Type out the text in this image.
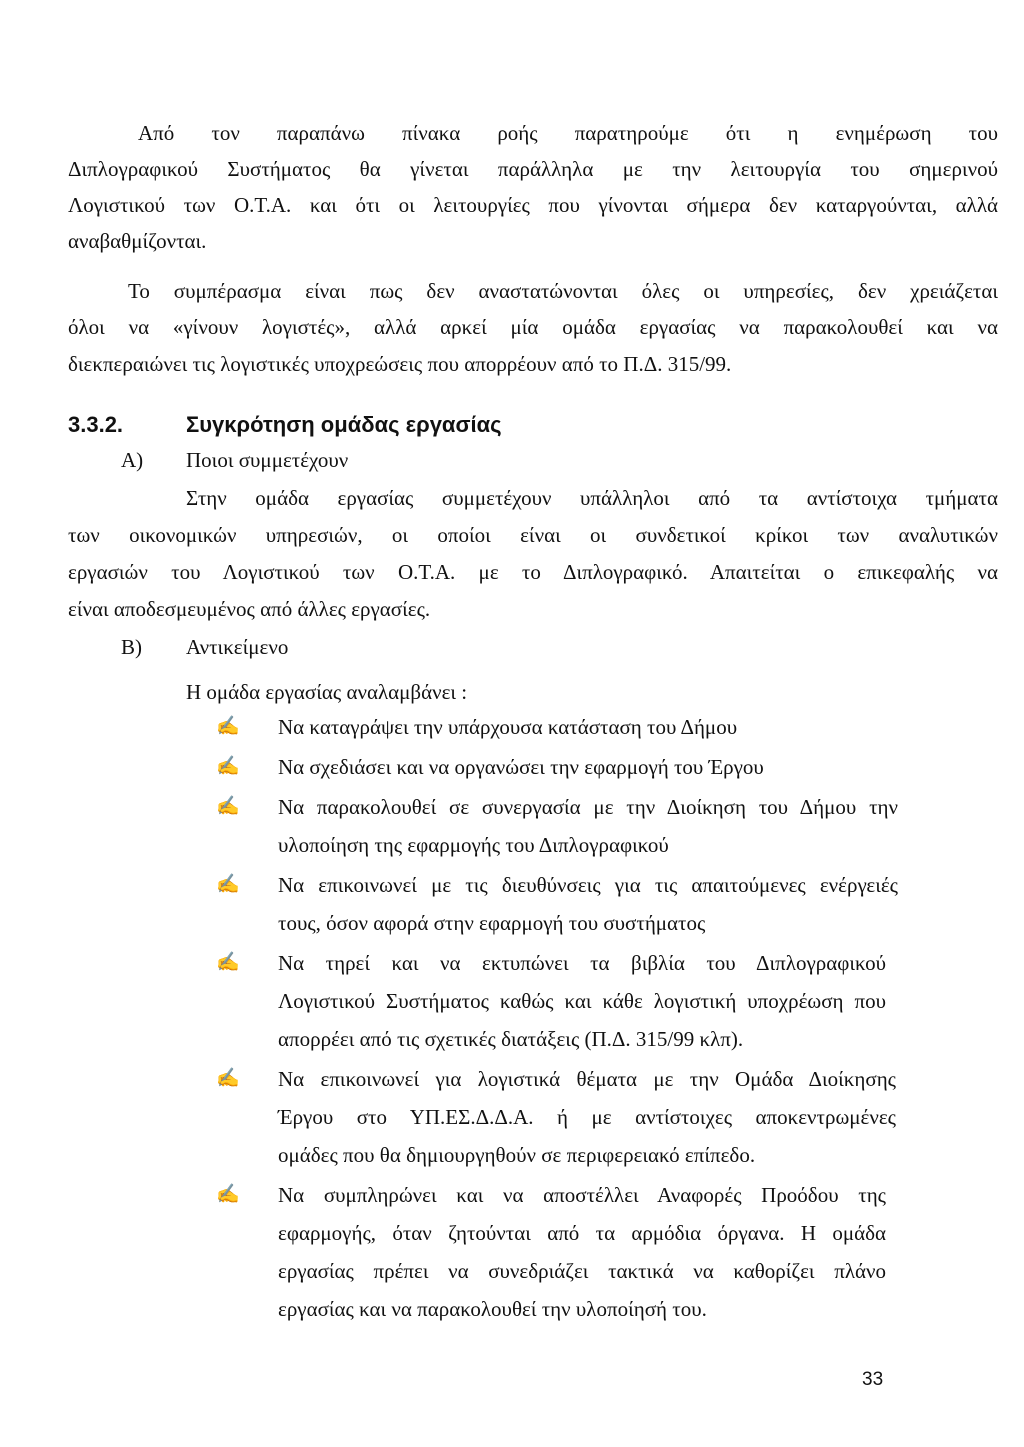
Από τον παραπάνω πίνακα ροής παρατηρούμε ότι η ενημέρωση του
Διπλογραφικού Συστήματος θα γίνεται παράλληλα με την λειτουργία του σημερινού
Λογιστικού των Ο.Τ.Α. και ότι οι λειτουργίες που γίνονται σήμερα δεν καταργούνται, αλλά
αναβαθμίζονται.
Το συμπέρασμα είναι πως δεν αναστατώνονται όλες οι υπηρεσίες, δεν χρειάζεται
όλοι να «γίνουν λογιστές», αλλά αρκεί μία ομάδα εργασίας να παρακολουθεί και να
διεκπεραιώνει τις λογιστικές υποχρεώσεις που απορρέουν από το Π.Δ. 315/99.
3.3.2.	Συγκρότηση ομάδας εργασίας
Α) Ποιοι συμμετέχουν
Στην ομάδα εργασίας συμμετέχουν υπάλληλοι από τα αντίστοιχα τμήματα
των οικονομικών υπηρεσιών, οι οποίοι είναι οι συνδετικοί κρίκοι των αναλυτικών
εργασιών του Λογιστικού των Ο.Τ.Α. με το Διπλογραφικό. Απαιτείται ο επικεφαλής να
είναι αποδεσμευμένος από άλλες εργασίες.
Β) Αντικείμενο
Η ομάδα εργασίας αναλαμβάνει :
✍ Να καταγράψει την υπάρχουσα κατάσταση του Δήμου
✍ Να σχεδιάσει και να οργανώσει την εφαρμογή του Έργου
✍ Να παρακολουθεί σε συνεργασία με την Διοίκηση του Δήμου την
υλοποίηση της εφαρμογής του Διπλογραφικού
✍ Να επικοινωνεί με τις διευθύνσεις για τις απαιτούμενες ενέργειές
τους, όσον αφορά στην εφαρμογή του συστήματος
✍ Να τηρεί και να εκτυπώνει τα βιβλία του Διπλογραφικού
Λογιστικού Συστήματος καθώς και κάθε λογιστική υποχρέωση που
απορρέει από τις σχετικές διατάξεις (Π.Δ. 315/99 κλπ).
✍ Να επικοινωνεί για λογιστικά θέματα με την Ομάδα Διοίκησης
Έργου στο ΥΠ.ΕΣ.Δ.Δ.Α. ή με αντίστοιχες αποκεντρωμένες
ομάδες που θα δημιουργηθούν σε περιφερειακό επίπεδο.
✍ Να συμπληρώνει και να αποστέλλει Αναφορές Προόδου της
εφαρμογής, όταν ζητούνται από τα αρμόδια όργανα. Η ομάδα
εργασίας πρέπει να συνεδριάζει τακτικά να καθορίζει πλάνο
εργασίας και να παρακολουθεί την υλοποίησή του.
33
